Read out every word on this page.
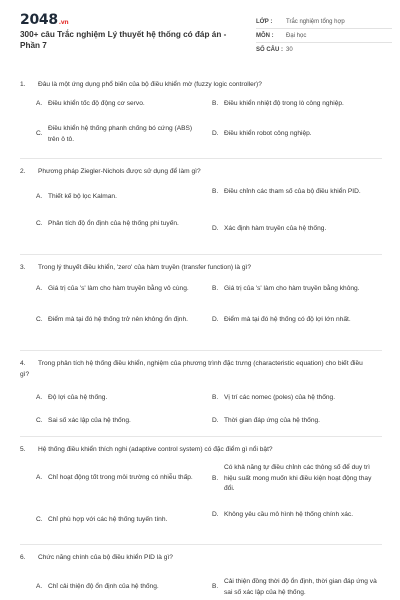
2048.vn
300+ câu Trắc nghiệm Lý thuyết hệ thống có đáp án - Phần 7
LỚP :	Trắc nghiệm tổng hợp
MÔN :	Đại học
SỐ CÂU : 30
1. Đâu là một ứng dụng phổ biến của bộ điều khiển mờ (fuzzy logic controller)?
A. Điều khiển tốc độ động cơ servo.	B. Điều khiển nhiệt độ trong lò công nghiệp.
C.
Điều khiển hệ thống phanh chống bó cứng (ABS) trên ô tô.
D. Điều khiển robot công nghiệp.
2. Phương pháp Ziegler-Nichols được sử dụng để làm gì?
A. Thiết kế bộ lọc Kalman.
B. Điều chỉnh các tham số của bộ điều khiển PID.
C. Phân tích độ ổn định của hệ thống phi tuyến.
D. Xác định hàm truyền của hệ thống.
3. Trong lý thuyết điều khiển, 'zero' của hàm truyền (transfer function) là gì?
A. Giá trị của 's' làm cho hàm truyền bằng vô cùng.	B. Giá trị của 's' làm cho hàm truyền bằng không.
C. Điểm mà tại đó hệ thống trở nên không ổn định.	D. Điểm mà tại đó hệ thống có độ lợi lớn nhất.
4. Trong phân tích hệ thống điều khiển, nghiệm của phương trình đặc trưng (characteristic equation) cho biết điều gì?
A. Độ lợi của hệ thống.	B. Vị trí các nomec (poles) của hệ thống.
C. Sai số xác lập của hệ thống.	D. Thời gian đáp ứng của hệ thống.
5. Hệ thống điều khiển thích nghi (adaptive control system) có đặc điểm gì nổi bật?
A. Chỉ hoạt động tốt trong môi trường có nhiễu thấp.	B.
Có khả năng tự điều chỉnh các thông số để duy trì hiệu suất mong muốn khi điều kiện hoạt động thay đổi.
C. Chỉ phù hợp với các hệ thống tuyến tính.
D. Không yêu cầu mô hình hệ thống chính xác.
6. Chức năng chính của bộ điều khiển PID là gì?
A. Chỉ cải thiện độ ổn định của hệ thống.	B.
Cải thiện đồng thời độ ổn định, thời gian đáp ứng và sai số xác lập của hệ thống.
